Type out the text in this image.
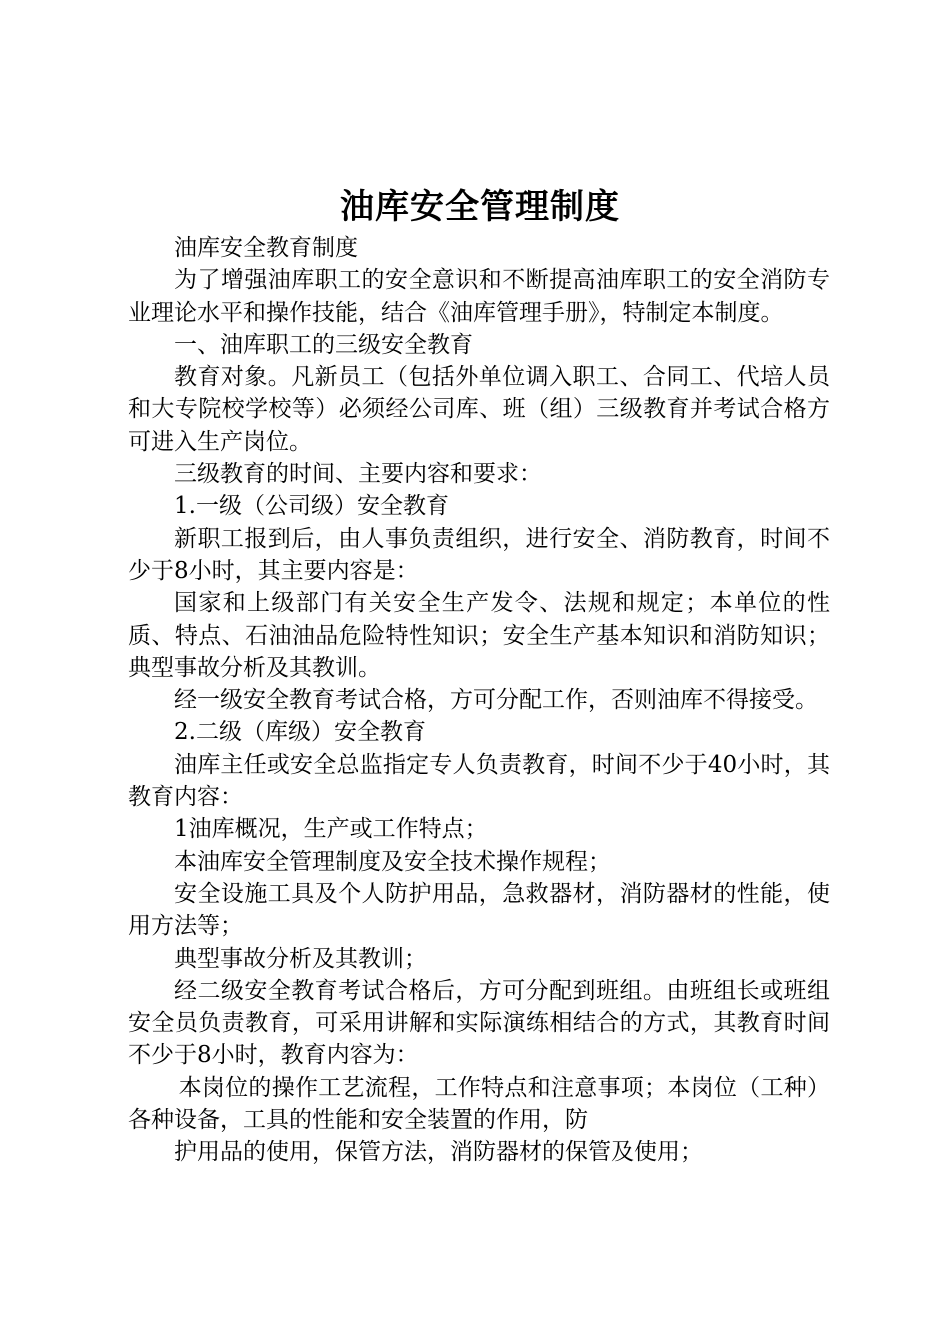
油库安全管理制度

油库安全教育制度

为了增强油库职工的安全意识和不断提高油库职工的安全消防专业理论水平和操作技能，结合《油库管理手册》，特制定本制度。

一、油库职工的三级安全教育

教育对象。凡新员工（包括外单位调入职工、合同工、代培人员和大专院校学校等）必须经公司库、班（组）三级教育并考试合格方可进入生产岗位。

三级教育的时间、主要内容和要求：

1.一级（公司级）安全教育

新职工报到后，由人事负责组织，进行安全、消防教育，时间不少于8小时，其主要内容是：

国家和上级部门有关安全生产发令、法规和规定；本单位的性质、特点、石油油品危险特性知识；安全生产基本知识和消防知识；典型事故分析及其教训。

经一级安全教育考试合格，方可分配工作，否则油库不得接受。

2.二级（库级）安全教育

油库主任或安全总监指定专人负责教育，时间不少于40小时，其教育内容：

1油库概况，生产或工作特点；

本油库安全管理制度及安全技术操作规程；

安全设施工具及个人防护用品，急救器材，消防器材的性能，使用方法等；

典型事故分析及其教训；

经二级安全教育考试合格后，方可分配到班组。由班组长或班组安全员负责教育，可采用讲解和实际演练相结合的方式，其教育时间不少于8小时，教育内容为：

本岗位的操作工艺流程，工作特点和注意事项；本岗位（工种）各种设备，工具的性能和安全装置的作用，防

护用品的使用，保管方法，消防器材的保管及使用；
